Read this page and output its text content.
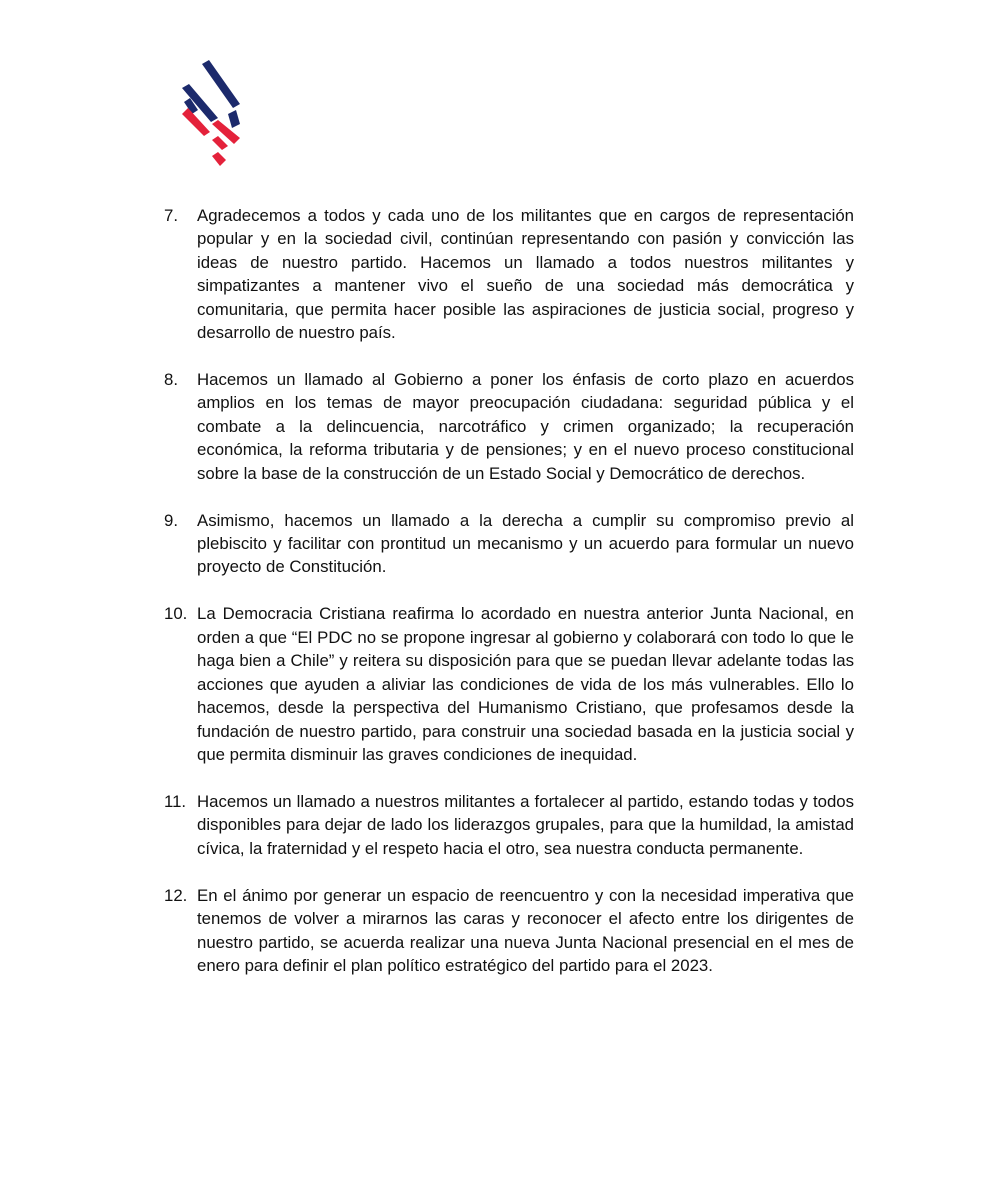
7.	Agradecemos a todos y cada uno de los militantes que en cargos de representación popular y en la sociedad civil, continúan representando con pasión y convicción las ideas de nuestro partido. Hacemos un llamado a todos nuestros militantes y simpatizantes a mantener vivo el sueño de una sociedad más democrática y comunitaria, que permita hacer posible las aspiraciones de justicia social, progreso y desarrollo de nuestro país.
8.	Hacemos un llamado al Gobierno a poner los énfasis de corto plazo en acuerdos amplios en los temas de mayor preocupación ciudadana: seguridad pública y el combate a la delincuencia, narcotráfico y crimen organizado; la recuperación económica, la reforma tributaria y de pensiones; y en el nuevo proceso constitucional sobre la base de la construcción de un Estado Social y Democrático de derechos.
9.	Asimismo, hacemos un llamado a la derecha a cumplir su compromiso previo al plebiscito y facilitar con prontitud un mecanismo y un acuerdo para formular un nuevo proyecto de Constitución.
10. La Democracia Cristiana reafirma lo acordado en nuestra anterior Junta Nacional, en orden a que “El PDC no se propone ingresar al gobierno y colaborará con todo lo que le haga bien a Chile” y reitera su disposición para que se puedan llevar adelante todas las acciones que ayuden a aliviar las condiciones de vida de los más vulnerables. Ello lo hacemos, desde la perspectiva del Humanismo Cristiano, que profesamos desde la fundación de nuestro partido, para construir una sociedad basada en la justicia social y que permita disminuir las graves condiciones de inequidad.
11. Hacemos un llamado a nuestros militantes a fortalecer al partido, estando todas y todos disponibles para dejar de lado los liderazgos grupales, para que la humildad, la amistad cívica, la fraternidad y el respeto hacia el otro, sea nuestra conducta permanente.
12. En el ánimo por generar un espacio de reencuentro y con la necesidad imperativa que tenemos de volver a mirarnos las caras y reconocer el afecto entre los dirigentes de nuestro partido, se acuerda realizar una nueva Junta Nacional presencial en el mes de enero para definir el plan político estratégico del partido para el 2023.
